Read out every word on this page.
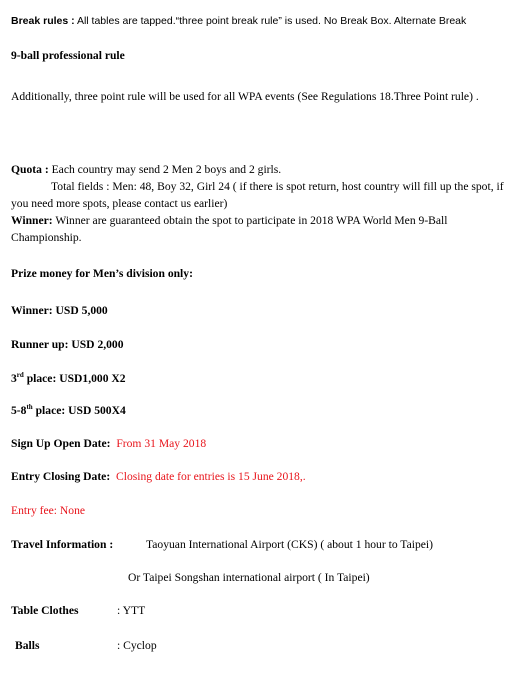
Break rules : All tables are tapped.“three point break rule” is used. No Break Box. Alternate Break
9-ball professional rule
Additionally, three point rule will be used for all WPA events (See Regulations 18.Three Point rule) .
Quota : Each country may send 2 Men 2 boys and 2 girls.
Total fields : Men: 48, Boy 32, Girl 24 ( if there is spot return, host country will fill up the spot, if you need more spots, please contact us earlier)
Winner: Winner are guaranteed obtain the spot to participate in 2018 WPA World Men 9-Ball Championship.
Prize money for Men’s division only:
Winner: USD 5,000
Runner up: USD 2,000
3rd place: USD1,000 X2
5-8th place: USD 500X4
Sign Up Open Date: From 31 May 2018
Entry Closing Date: Closing date for entries is 15 June 2018,.
Entry fee: None
Travel Information :	Taoyuan International Airport (CKS) ( about 1 hour to Taipei)
Or Taipei Songshan international airport ( In Taipei)
Table Clothes	: YTT
Balls	: Cyclop
